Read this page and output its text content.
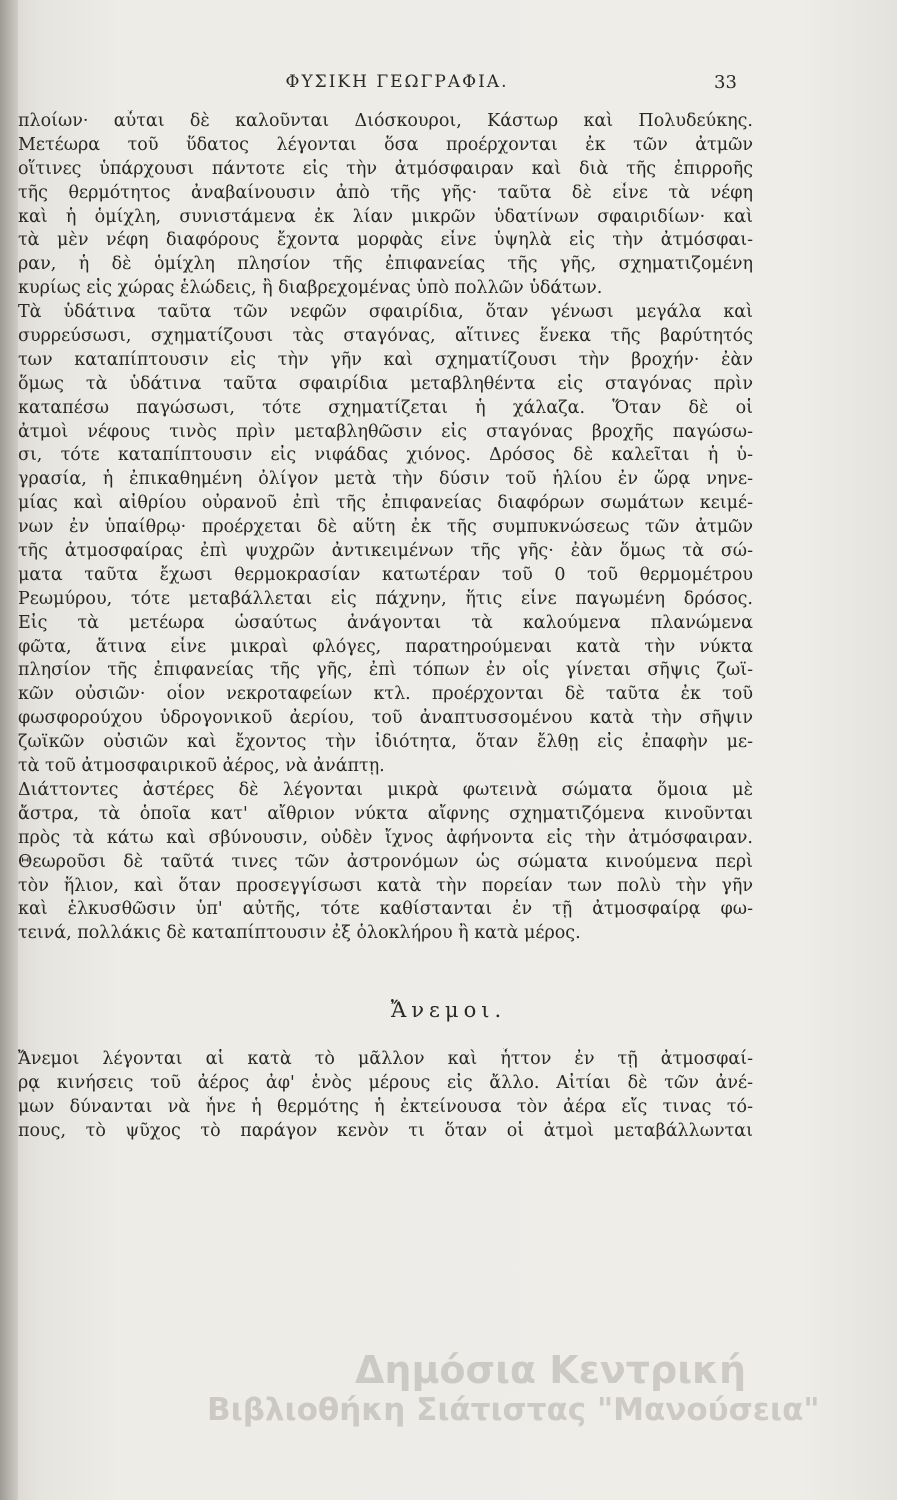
ΦΥΣΙΚΗ ΓΕΩΓΡΑΦΙΑ.	33
πλοίων· αὗται δὲ καλοῦνται Διόσκουροι, Κάστωρ καὶ Πολυδεύκης.
Μετέωρα τοῦ ὕδατος λέγονται ὅσα προέρχονται ἐκ τῶν ἀτμῶν
οἵτινες ὑπάρχουσι πάντοτε εἰς τὴν ἀτμόσφαιραν καὶ διὰ τῆς ἐπιρροῆς
τῆς θερμότητος ἀναβαίνουσιν ἀπὸ τῆς γῆς· ταῦτα δὲ εἶνε τὰ νέφη
καὶ ἡ ὁμίχλη, συνιστάμενα ἐκ λίαν μικρῶν ὑδατίνων σφαιριδίων· καὶ
τὰ μὲν νέφη διαφόρους ἔχοντα μορφὰς εἶνε ὑψηλὰ εἰς τὴν ἀτμόσφαι-
ραν, ἡ δὲ ὁμίχλη πλησίον τῆς ἐπιφανείας τῆς γῆς, σχηματιζομένη
κυρίως εἰς χώρας ἑλώδεις, ἢ διαβρεχομένας ὑπὸ πολλῶν ὑδάτων.
Τὰ ὑδάτινα ταῦτα τῶν νεφῶν σφαιρίδια, ὅταν γένωσι μεγάλα καὶ
συρρεύσωσι, σχηματίζουσι τὰς σταγόνας, αἵτινες ἕνεκα τῆς βαρύτητός
των καταπίπτουσιν εἰς τὴν γῆν καὶ σχηματίζουσι τὴν βροχήν· ἐὰν
ὅμως τὰ ὑδάτινα ταῦτα σφαιρίδια μεταβληθέντα εἰς σταγόνας πρὶν
καταπέσω παγώσωσι, τότε σχηματίζεται ἡ χάλαζα. Ὅταν δὲ οἱ
ἀτμοὶ νέφους τινὸς πρὶν μεταβληθῶσιν εἰς σταγόνας βροχῆς παγώσω-
σι, τότε καταπίπτουσιν εἰς νιφάδας χιόνος. Δρόσος δὲ καλεῖται ἡ ὑ-
γρασία, ἡ ἐπικαθημένη ὀλίγον μετὰ τὴν δύσιν τοῦ ἡλίου ἐν ὥρᾳ νηνε-
μίας καὶ αἰθρίου οὐρανοῦ ἐπὶ τῆς ἐπιφανείας διαφόρων σωμάτων κειμέ-
νων ἐν ὑπαίθρῳ· προέρχεται δὲ αὕτη ἐκ τῆς συμπυκνώσεως τῶν ἀτμῶν
τῆς ἀτμοσφαίρας ἐπὶ ψυχρῶν ἀντικειμένων τῆς γῆς· ἐὰν ὅμως τὰ σώ-
ματα ταῦτα ἔχωσι θερμοκρασίαν κατωτέραν τοῦ 0 τοῦ θερμομέτρου
Ρεωμύρου, τότε μεταβάλλεται εἰς πάχνην, ἥτις εἶνε παγωμένη δρόσος.
Εἰς τὰ μετέωρα ὡσαύτως ἀνάγονται τὰ καλούμενα πλανώμενα
φῶτα, ἅτινα εἶνε μικραὶ φλόγες, παρατηρούμεναι κατὰ τὴν νύκτα
πλησίον τῆς ἐπιφανείας τῆς γῆς, ἐπὶ τόπων ἐν οἷς γίνεται σῆψις ζωϊ-
κῶν οὐσιῶν· οἷον νεκροταφείων κτλ. προέρχονται δὲ ταῦτα ἐκ τοῦ
φωσφορούχου ὑδρογονικοῦ ἀερίου, τοῦ ἀναπτυσσομένου κατὰ τὴν σῆψιν
ζωϊκῶν οὐσιῶν καὶ ἔχοντος τὴν ἰδιότητα, ὅταν ἔλθῃ εἰς ἐπαφὴν με-
τὰ τοῦ ἀτμοσφαιρικοῦ ἀέρος, νὰ ἀνάπτῃ.
Διάττοντες ἀστέρες δὲ λέγονται μικρὰ φωτεινὰ σώματα ὅμοια μὲ
ἄστρα, τὰ ὁποῖα κατ' αἴθριον νύκτα αἴφνης σχηματιζόμενα κινοῦνται
πρὸς τὰ κάτω καὶ σβύνουσιν, οὐδὲν ἴχνος ἀφήνοντα εἰς τὴν ἀτμόσφαιραν.
Θεωροῦσι δὲ ταῦτά τινες τῶν ἀστρονόμων ὡς σώματα κινούμενα περὶ
τὸν ἥλιον, καὶ ὅταν προσεγγίσωσι κατὰ τὴν πορείαν των πολὺ τὴν γῆν
καὶ ἑλκυσθῶσιν ὑπ' αὐτῆς, τότε καθίστανται ἐν τῇ ἀτμοσφαίρᾳ φω-
τεινά, πολλάκις δὲ καταπίπτουσιν ἐξ ὁλοκλήρου ἢ κατὰ μέρος.
Ἄνεμοι.
Ἄνεμοι λέγονται αἱ κατὰ τὸ μᾶλλον καὶ ἧττον ἐν τῇ ἀτμοσφαί-
ρᾳ κινήσεις τοῦ ἀέρος ἀφ' ἑνὸς μέρους εἰς ἄλλο. Αἰτίαι δὲ τῶν ἀνέ-
μων δύνανται νὰ ἦνε ἡ θερμότης ἡ ἐκτείνουσα τὸν ἀέρα εἴς τινας τό-
πους, τὸ ψῦχος τὸ παράγον κενὸν τι ὅταν οἱ ἀτμοὶ μεταβάλλωνται
Δημόσια Κεντρική
Βιβλιοθήκη Σιάτιστας "Μανούσεια"
